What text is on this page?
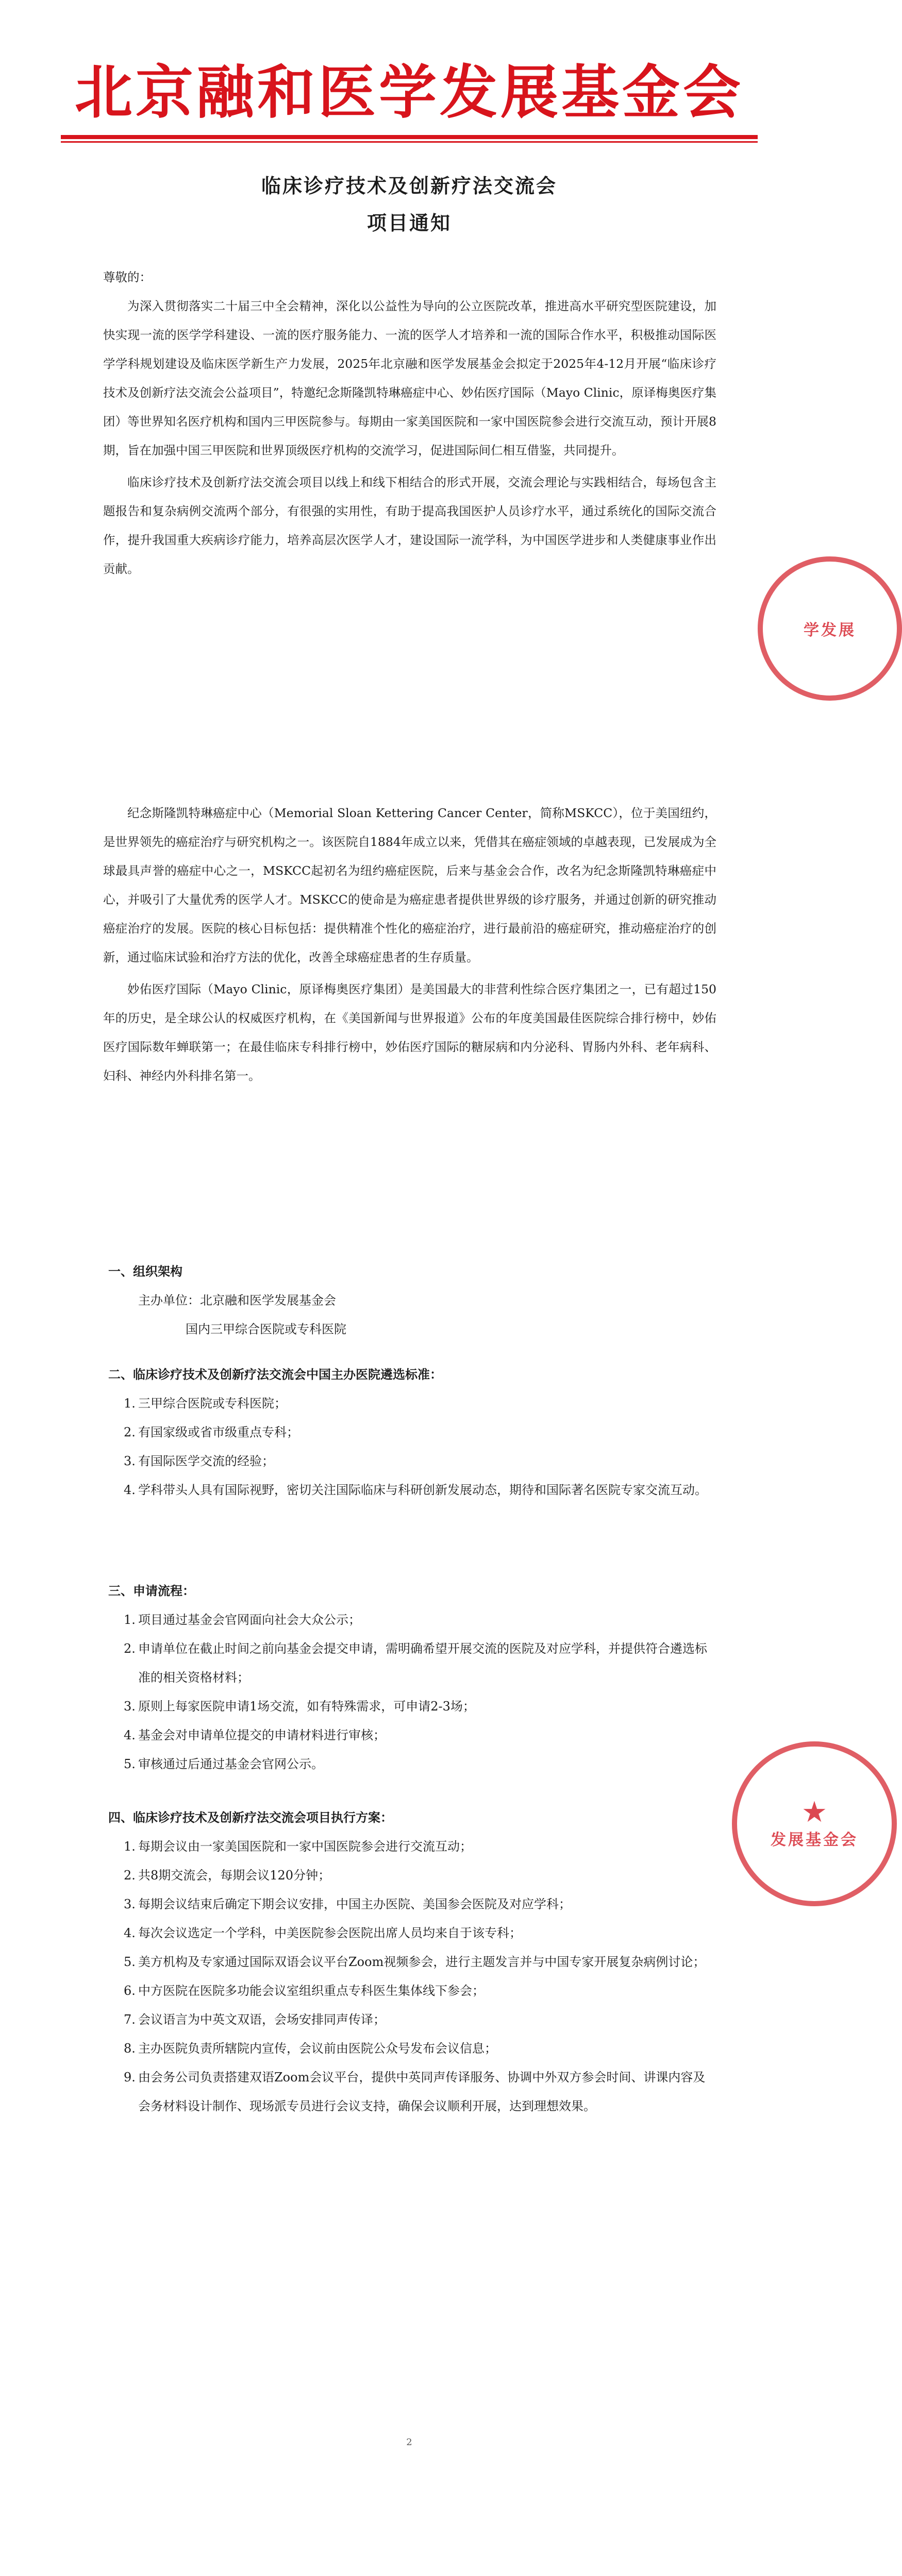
北京融和医学发展基金会
临床诊疗技术及创新疗法交流会
项目通知

尊敬的：

为深入贯彻落实二十届三中全会精神，深化以公益性为导向的公立医院改革，推进高水平研究型医院建设，加快实现一流的医学学科建设、一流的医疗服务能力、一流的医学人才培养和一流的国际合作水平，积极推动国际医学学科规划建设及临床医学新生产力发展，2025年北京融和医学发展基金会拟定于2025年4-12月开展“临床诊疗技术及创新疗法交流会公益项目”，特邀纪念斯隆凯特琳癌症中心、妙佑医疗国际（Mayo Clinic，原译梅奥医疗集团）等世界知名医疗机构和国内三甲医院参与。每期由一家美国医院和一家中国医院参会进行交流互动，预计开展8期，旨在加强中国三甲医院和世界顶级医疗机构的交流学习，促进国际间仁相互借鉴，共同提升。

临床诊疗技术及创新疗法交流会项目以线上和线下相结合的形式开展，交流会理论与实践相结合，每场包含主题报告和复杂病例交流两个部分，有很强的实用性，有助于提高我国医护人员诊疗水平，通过系统化的国际交流合作，提升我国重大疾病诊疗能力，培养高层次医学人才，建设国际一流学科，为中国医学进步和人类健康事业作出贡献。

纪念斯隆凯特琳癌症中心（Memorial Sloan Kettering Cancer Center，简称MSKCC），位于美国纽约，是世界领先的癌症治疗与研究机构之一。该医院自1884年成立以来，凭借其在癌症领域的卓越表现，已发展成为全球最具声誉的癌症中心之一，MSKCC起初名为纽约癌症医院，后来与基金会合作，改名为纪念斯隆凯特琳癌症中心，并吸引了大量优秀的医学人才。MSKCC的使命是为癌症患者提供世界级的诊疗服务，并通过创新的研究推动癌症治疗的发展。医院的核心目标包括：提供精准个性化的癌症治疗，进行最前沿的癌症研究，推动癌症治疗的创新，通过临床试验和治疗方法的优化，改善全球癌症患者的生存质量。

妙佑医疗国际（Mayo Clinic，原译梅奥医疗集团）是美国最大的非营利性综合医疗集团之一，已有超过150年的历史，是全球公认的权威医疗机构，在《美国新闻与世界报道》公布的年度美国最佳医院综合排行榜中，妙佑医疗国际数年蝉联第一；在最佳临床专科排行榜中，妙佑医疗国际的糖尿病和内分泌科、胃肠内外科、老年病科、妇科、神经内外科排名第一。

学发展
一、组织架构
主办单位：北京融和医学发展基金会
国内三甲综合医院或专科医院
二、临床诊疗技术及创新疗法交流会中国主办医院遴选标准：
1. 三甲综合医院或专科医院；
2. 有国家级或省市级重点专科；
3. 有国际医学交流的经验；
4. 学科带头人具有国际视野，密切关注国际临床与科研创新发展动态，期待和国际著名医院专家交流互动。
三、申请流程：
1. 项目通过基金会官网面向社会大众公示；
2. 申请单位在截止时间之前向基金会提交申请，需明确希望开展交流的医院及对应学科，并提供符合遴选标准的相关资格材料；
3. 原则上每家医院申请1场交流，如有特殊需求，可申请2-3场；
4. 基金会对申请单位提交的申请材料进行审核；
5. 审核通过后通过基金会官网公示。
四、临床诊疗技术及创新疗法交流会项目执行方案：
1. 每期会议由一家美国医院和一家中国医院参会进行交流互动；
2. 共8期交流会，每期会议120分钟；
3. 每期会议结束后确定下期会议安排，中国主办医院、美国参会医院及对应学科；
4. 每次会议选定一个学科，中美医院参会医院出席人员均来自于该专科；
5. 美方机构及专家通过国际双语会议平台Zoom视频参会，进行主题发言并与中国专家开展复杂病例讨论；
6. 中方医院在医院多功能会议室组织重点专科医生集体线下参会；
7. 会议语言为中英文双语，会场安排同声传译；
8. 主办医院负责所辖院内宣传，会议前由医院公众号发布会议信息；
9. 由会务公司负责搭建双语Zoom会议平台，提供中英同声传译服务、协调中外双方参会时间、讲课内容及会务材料设计制作、现场派专员进行会议支持，确保会议顺利开展，达到理想效果。
★
发展基金会
2
